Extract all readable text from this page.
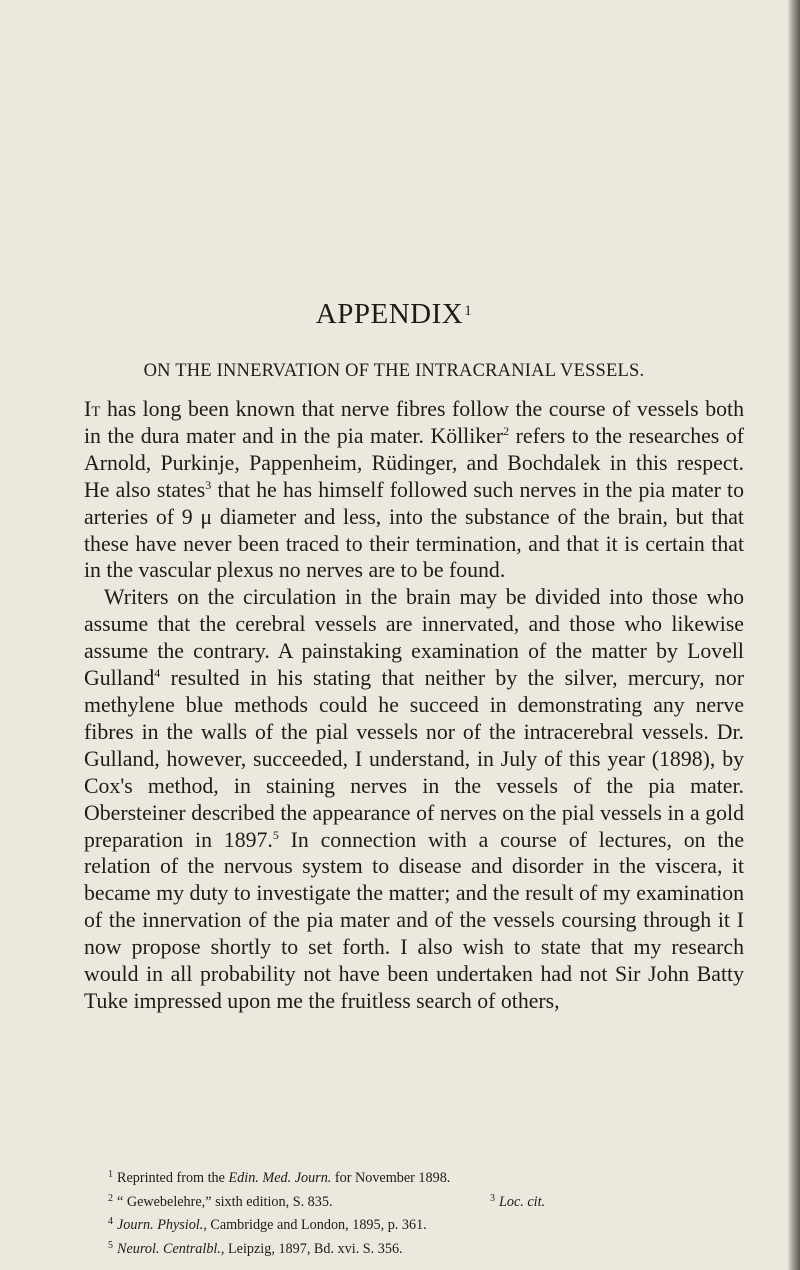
APPENDIX$^1$
ON THE INNERVATION OF THE INTRACRANIAL VESSELS.

It has long been known that nerve fibres follow the course of vessels both in the dura mater and in the pia mater. Kölliker$^2$ refers to the researches of Arnold, Purkinje, Pappenheim, Rüdinger, and Bochdalek in this respect. He also states$^3$ that he has himself followed such nerves in the pia mater to arteries of 9 μ diameter and less, into the substance of the brain, but that these have never been traced to their termination, and that it is certain that in the vascular plexus no nerves are to be found.

Writers on the circulation in the brain may be divided into those who assume that the cerebral vessels are innervated, and those who likewise assume the contrary. A painstaking examination of the matter by Lovell Gulland$^4$ resulted in his stating that neither by the silver, mercury, nor methylene blue methods could he succeed in demonstrating any nerve fibres in the walls of the pial vessels nor of the intracerebral vessels. Dr. Gulland, however, succeeded, I understand, in July of this year (1898), by Cox's method, in staining nerves in the vessels of the pia mater. Obersteiner described the appearance of nerves on the pial vessels in a gold preparation in 1897.$^5$ In connection with a course of lectures, on the relation of the nervous system to disease and disorder in the viscera, it became my duty to investigate the matter; and the result of my examination of the innervation of the pia mater and of the vessels coursing through it I now propose shortly to set forth. I also wish to state that my research would in all probability not have been undertaken had not Sir John Batty Tuke impressed upon me the fruitless search of others,

$^1$ Reprinted from the Edin. Med. Journ. for November 1898.
$^2$ “ Gewebelehre,” sixth edition, S. 835.	$^3$ Loc. cit.
$^4$ Journ. Physiol., Cambridge and London, 1895, p. 361.
$^5$ Neurol. Centralbl., Leipzig, 1897, Bd. xvi. S. 356.
